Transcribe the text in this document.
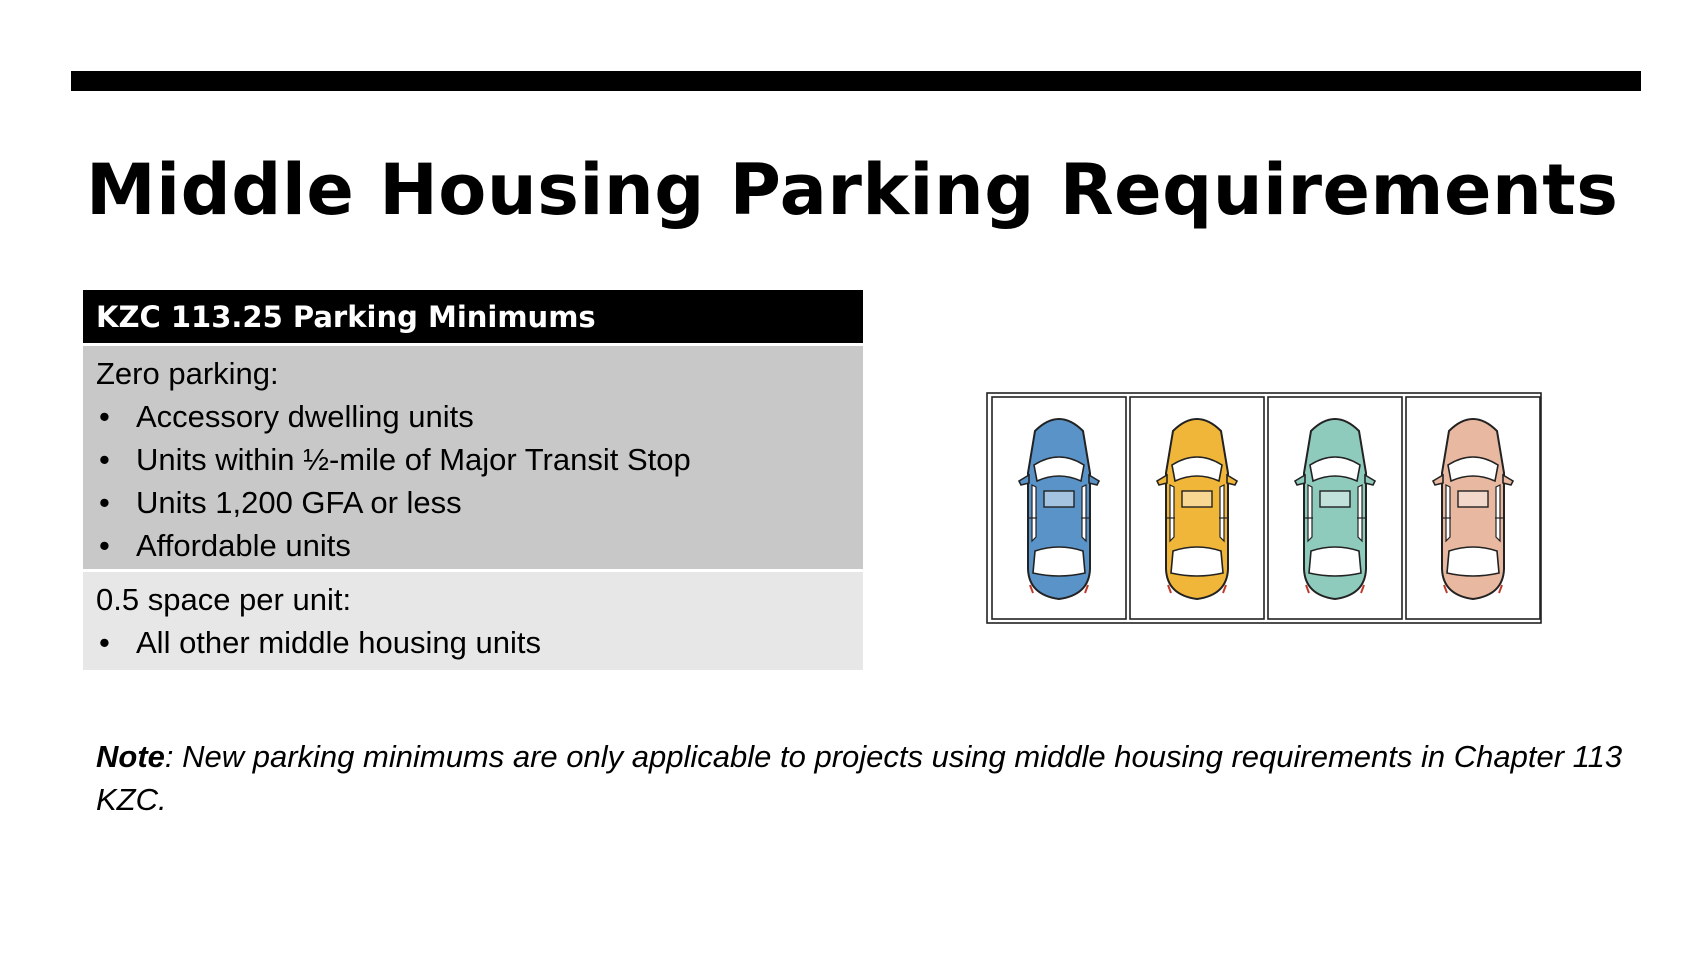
Middle Housing Parking Requirements
KZC 113.25 Parking Minimums
Zero parking:
• Accessory dwelling units
• Units within ½-mile of Major Transit Stop
• Units 1,200 GFA or less
• Affordable units
0.5 space per unit:
• All other middle housing units
Note: New parking minimums are only applicable to projects using middle housing requirements in Chapter 113 KZC.
